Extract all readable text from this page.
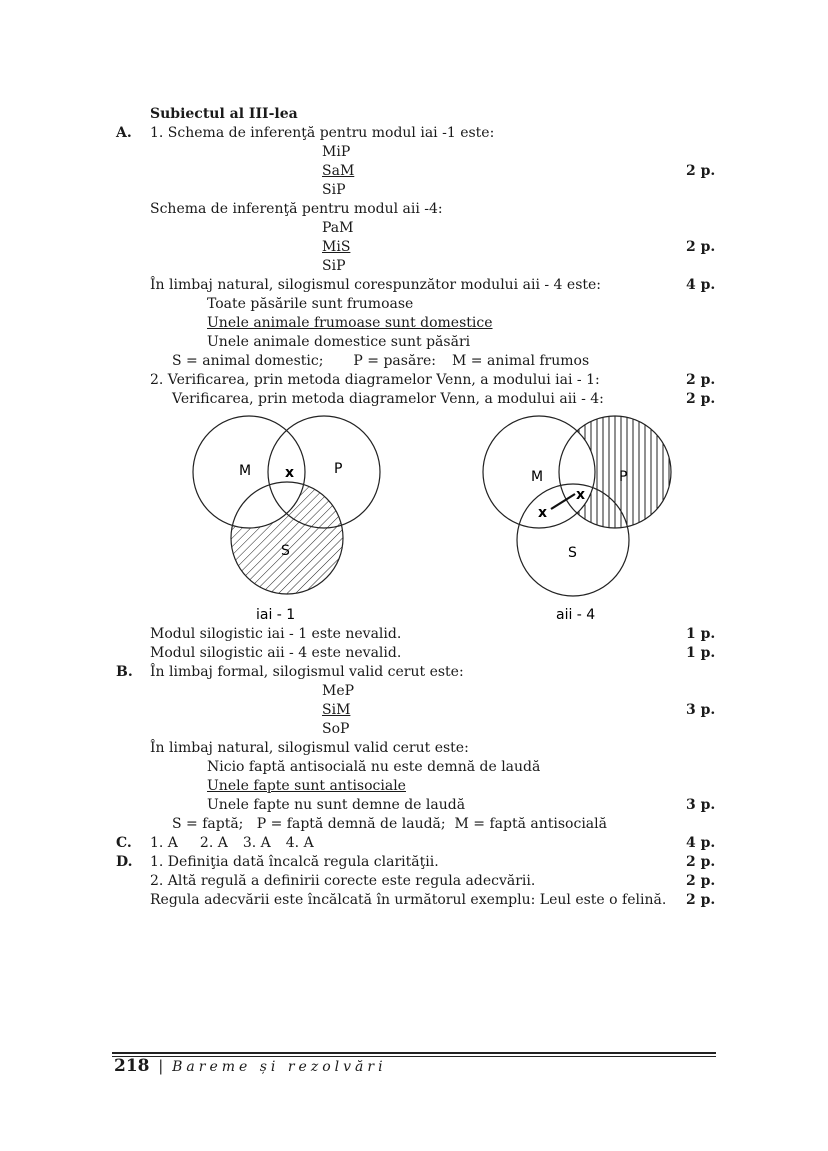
Subiectul al III-lea
A. 1. Schema de inferenţă pentru modul iai -1 este:
MiP
SaM	2 p.
SiP
Schema de inferenţă pentru modul aii -4:
PaM
MiS	2 p.
SiP
În limbaj natural, silogismul corespunzător modului aii - 4 este:	4 p.
Toate păsările sunt frumoase
Unele animale frumoase sunt domestice
Unele animale domestice sunt păsări
S = animal domestic; P = pasăre: M = animal frumos
2. Verificarea, prin metoda diagramelor Venn, a modului iai - 1:	2 p.
Verificarea, prin metoda diagramelor Venn, a modului aii - 4:	2 p.
M	P
S
x	M	P
S
x
x
iai - 1	aii - 4
Modul silogistic iai - 1 este nevalid.	1 p.
Modul silogistic aii - 4 este nevalid.	1 p.
B. În limbaj formal, silogismul valid cerut este:
MeP
SiM	3 p.
SoP
În limbaj natural, silogismul valid cerut este:
Nicio faptă antisocială nu este demnă de laudă
Unele fapte sunt antisociale
Unele fapte nu sunt demne de laudă	3 p.
S = faptă;   P = faptă demnă de laudă;  M = faptă antisocială
C. 1. A 2. A 3. A 4. A	4 p.
D. 1. Definiţia dată încalcă regula clarităţii.	2 p.
2. Altă regulă a definirii corecte este regula adecvării.	2 p.
Regula adecvării este încălcată în următorul exemplu: Leul este o felină. 2 p.
218 | Bareme și rezolvări
